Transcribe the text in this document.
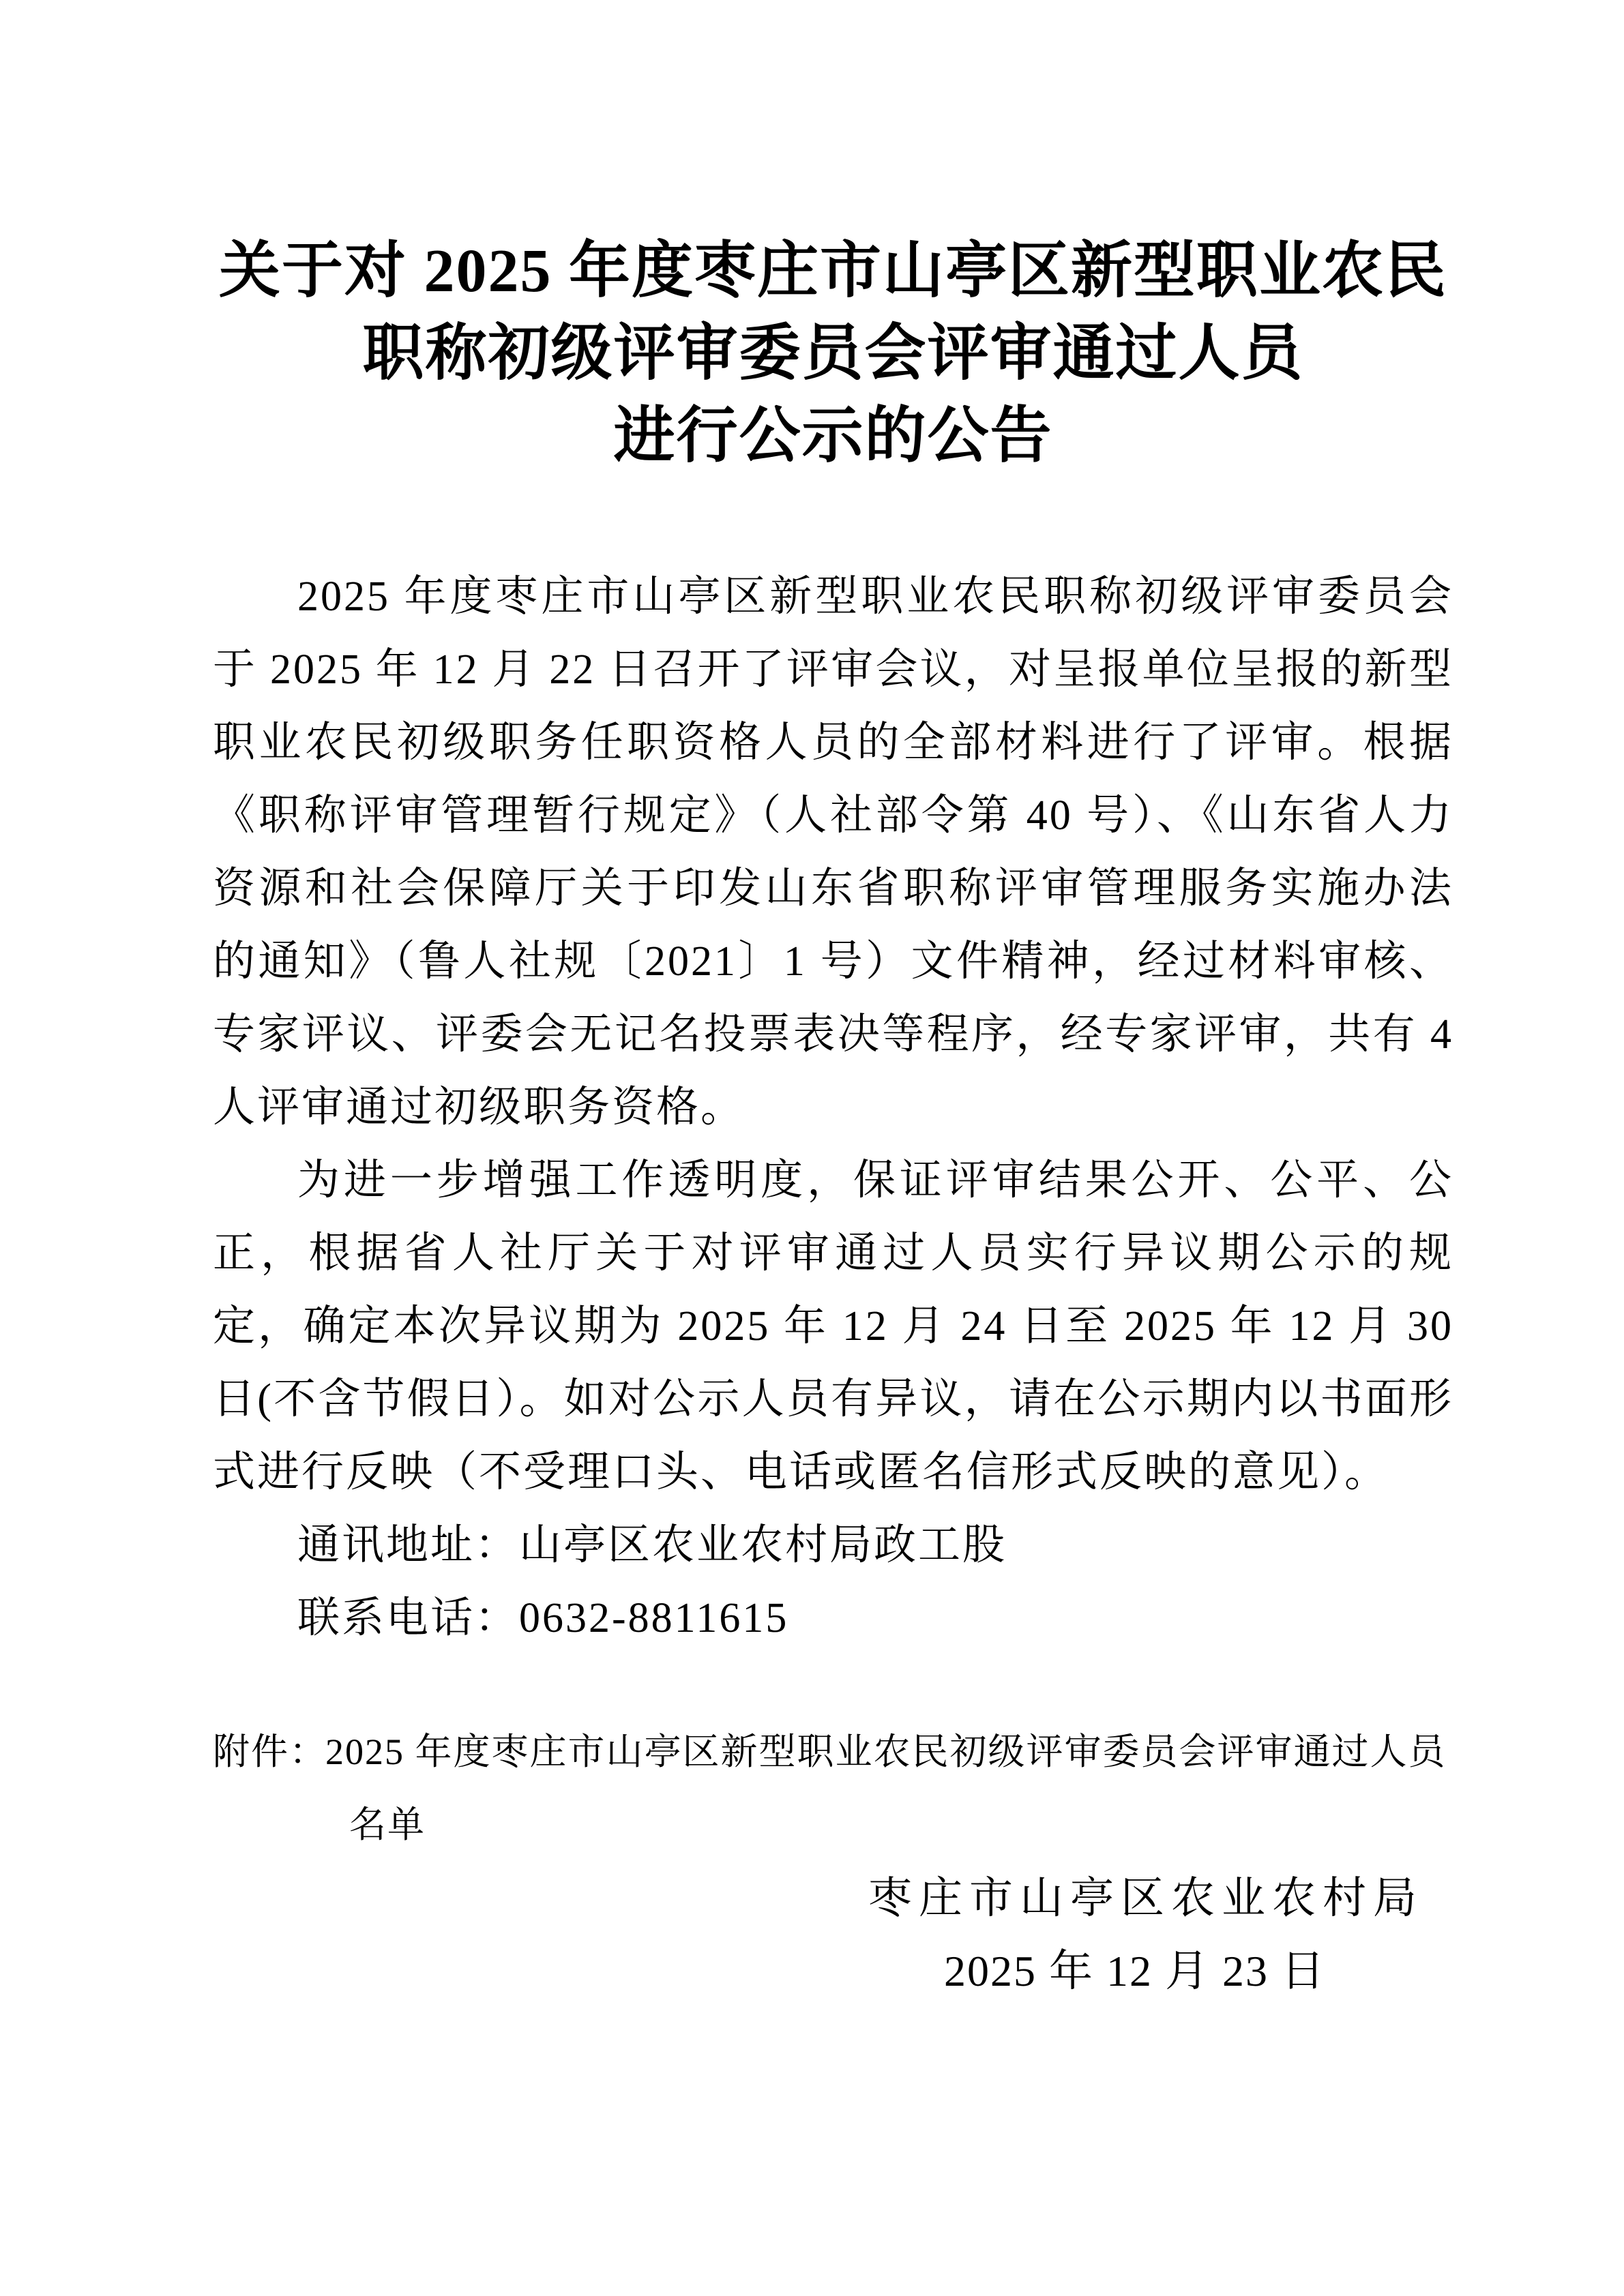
关于对 2025 年度枣庄市山亭区新型职业农民
职称初级评审委员会评审通过人员
进行公示的公告

2025 年度枣庄市山亭区新型职业农民职称初级评审委员会于 2025 年 12 月 22 日召开了评审会议，对呈报单位呈报的新型职业农民初级职务任职资格人员的全部材料进行了评审。根据《职称评审管理暂行规定》（人社部令第 40 号）、《山东省人力资源和社会保障厅关于印发山东省职称评审管理服务实施办法的通知》（鲁人社规〔2021〕1 号）文件精神，经过材料审核、专家评议、评委会无记名投票表决等程序，经专家评审，共有 4 人评审通过初级职务资格。

为进一步增强工作透明度，保证评审结果公开、公平、公正，根据省人社厅关于对评审通过人员实行异议期公示的规定，确定本次异议期为 2025 年 12 月 24 日至 2025 年 12 月 30 日(不含节假日）。如对公示人员有异议，请在公示期内以书面形式进行反映（不受理口头、电话或匿名信形式反映的意见）。

通讯地址：山亭区农业农村局政工股

联系电话：0632-8811615

附件：2025 年度枣庄市山亭区新型职业农民初级评审委员会评审通过人员
名单
枣庄市山亭区农业农村局
2025 年 12 月 23 日
